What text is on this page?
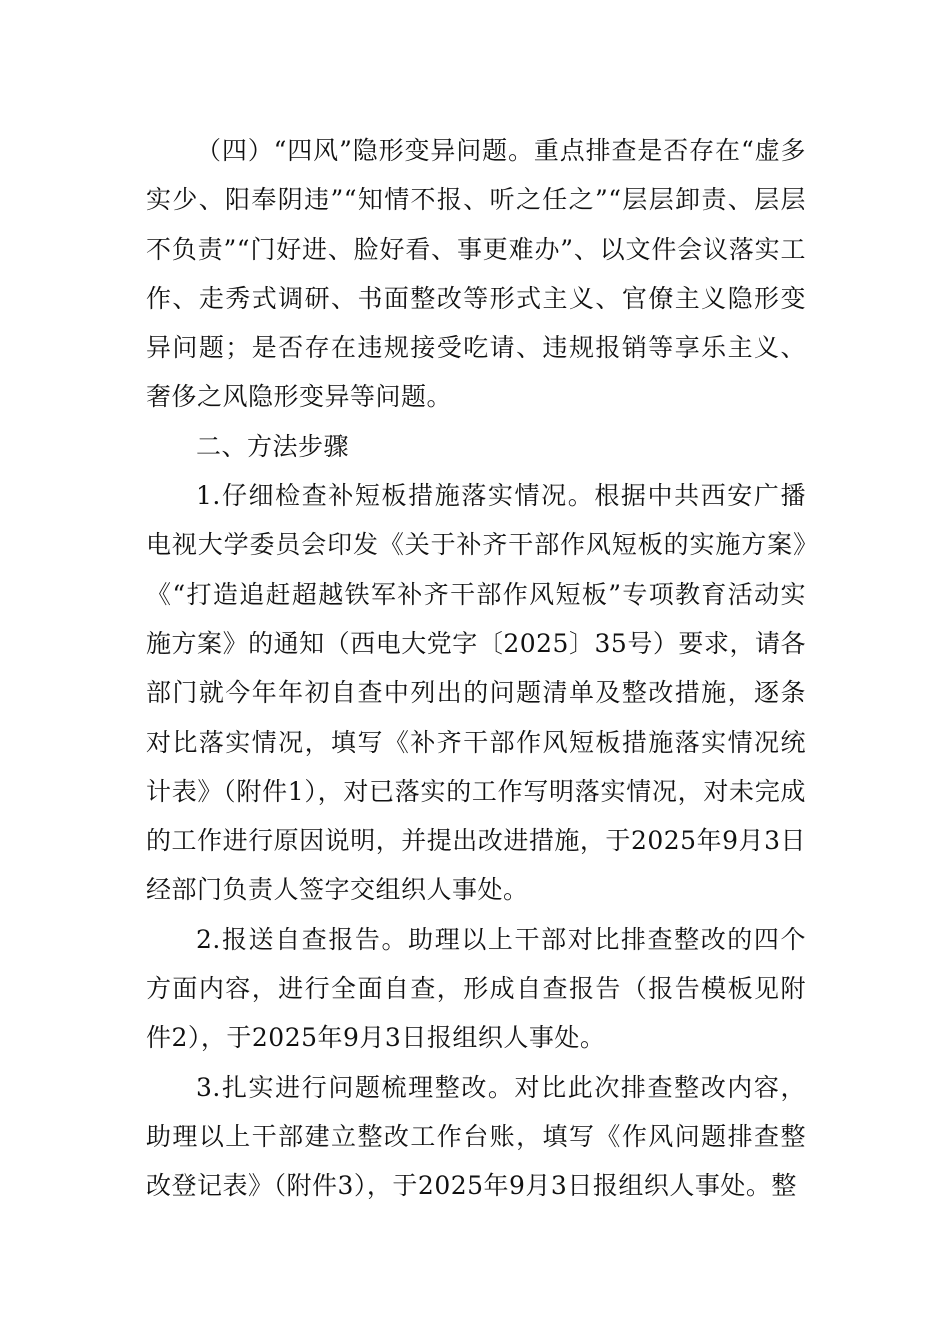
（四）“四风”隐形变异问题。重点排查是否存在“虚多实少、阳奉阴违”“知情不报、听之任之”“层层卸责、层层不负责”“门好进、脸好看、事更难办”、以文件会议落实工作、走秀式调研、书面整改等形式主义、官僚主义隐形变异问题；是否存在违规接受吃请、违规报销等享乐主义、奢侈之风隐形变异等问题。

二、方法步骤

1.仔细检查补短板措施落实情况。根据中共西安广播电视大学委员会印发《关于补齐干部作风短板的实施方案》《“打造追赶超越铁军补齐干部作风短板”专项教育活动实施方案》的通知（西电大党字〔2025〕35号）要求，请各部门就今年年初自查中列出的问题清单及整改措施，逐条对比落实情况，填写《补齐干部作风短板措施落实情况统计表》（附件1），对已落实的工作写明落实情况，对未完成的工作进行原因说明，并提出改进措施，于2025年9月3日经部门负责人签字交组织人事处。

2.报送自查报告。助理以上干部对比排查整改的四个方面内容，进行全面自查，形成自查报告（报告模板见附件2），于2025年9月3日报组织人事处。

3.扎实进行问题梳理整改。对比此次排查整改内容，助理以上干部建立整改工作台账，填写《作风问题排查整改登记表》（附件3），于2025年9月3日报组织人事处。整
